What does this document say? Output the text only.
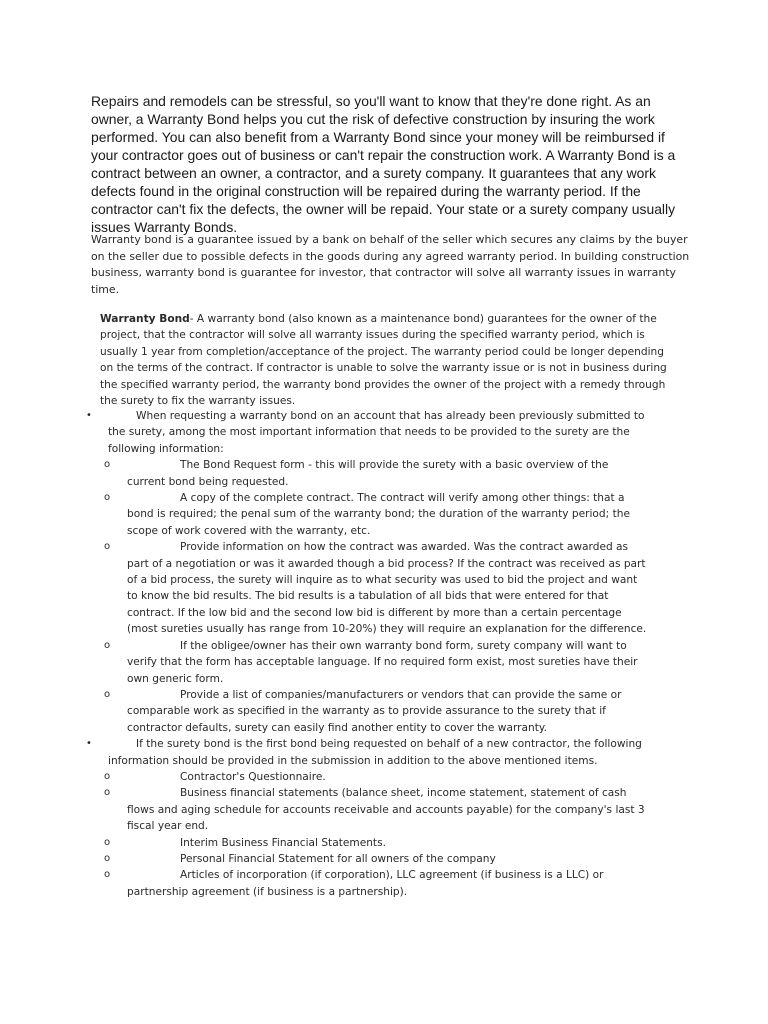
Repairs and remodels can be stressful, so you'll want to know that they're done right. As an owner, a Warranty Bond helps you cut the risk of defective construction by insuring the work performed. You can also benefit from a Warranty Bond since your money will be reimbursed if your contractor goes out of business or can't repair the construction work. A Warranty Bond is a contract between an owner, a contractor, and a surety company. It guarantees that any work defects found in the original construction will be repaired during the warranty period. If the contractor can't fix the defects, the owner will be repaid. Your state or a surety company usually issues Warranty Bonds.

Warranty bond is a guarantee issued by a bank on behalf of the seller which secures any claims by the buyer on the seller due to possible defects in the goods during any agreed warranty period. In building construction business, warranty bond is guarantee for investor, that contractor will solve all warranty issues in warranty time.

Warranty Bond- A warranty bond (also known as a maintenance bond) guarantees for the owner of the project, that the contractor will solve all warranty issues during the specified warranty period, which is usually 1 year from completion/acceptance of the project. The warranty period could be longer depending on the terms of the contract. If contractor is unable to solve the warranty issue or is not in business during the specified warranty period, the warranty bond provides the owner of the project with a remedy through the surety to fix the warranty issues.
•	When requesting a warranty bond on an account that has already been previously submitted to the surety, among the most important information that needs to be provided to the surety are the following information:
o	The Bond Request form - this will provide the surety with a basic overview of the current bond being requested.
o	A copy of the complete contract. The contract will verify among other things: that a bond is required; the penal sum of the warranty bond; the duration of the warranty period; the scope of work covered with the warranty, etc.
o	Provide information on how the contract was awarded. Was the contract awarded as part of a negotiation or was it awarded though a bid process? If the contract was received as part of a bid process, the surety will inquire as to what security was used to bid the project and want to know the bid results. The bid results is a tabulation of all bids that were entered for that contract. If the low bid and the second low bid is different by more than a certain percentage (most sureties usually has range from 10-20%) they will require an explanation for the difference.
o	If the obligee/owner has their own warranty bond form, surety company will want to verify that the form has acceptable language. If no required form exist, most sureties have their own generic form.
o	Provide a list of companies/manufacturers or vendors that can provide the same or comparable work as specified in the warranty as to provide assurance to the surety that if contractor defaults, surety can easily find another entity to cover the warranty.
•	If the surety bond is the first bond being requested on behalf of a new contractor, the following information should be provided in the submission in addition to the above mentioned items.
o	Contractor's Questionnaire.
o	Business financial statements (balance sheet, income statement, statement of cash flows and aging schedule for accounts receivable and accounts payable) for the company's last 3 fiscal year end.
o	Interim Business Financial Statements.
o	Personal Financial Statement for all owners of the company
o	Articles of incorporation (if corporation), LLC agreement (if business is a LLC) or partnership agreement (if business is a partnership).
